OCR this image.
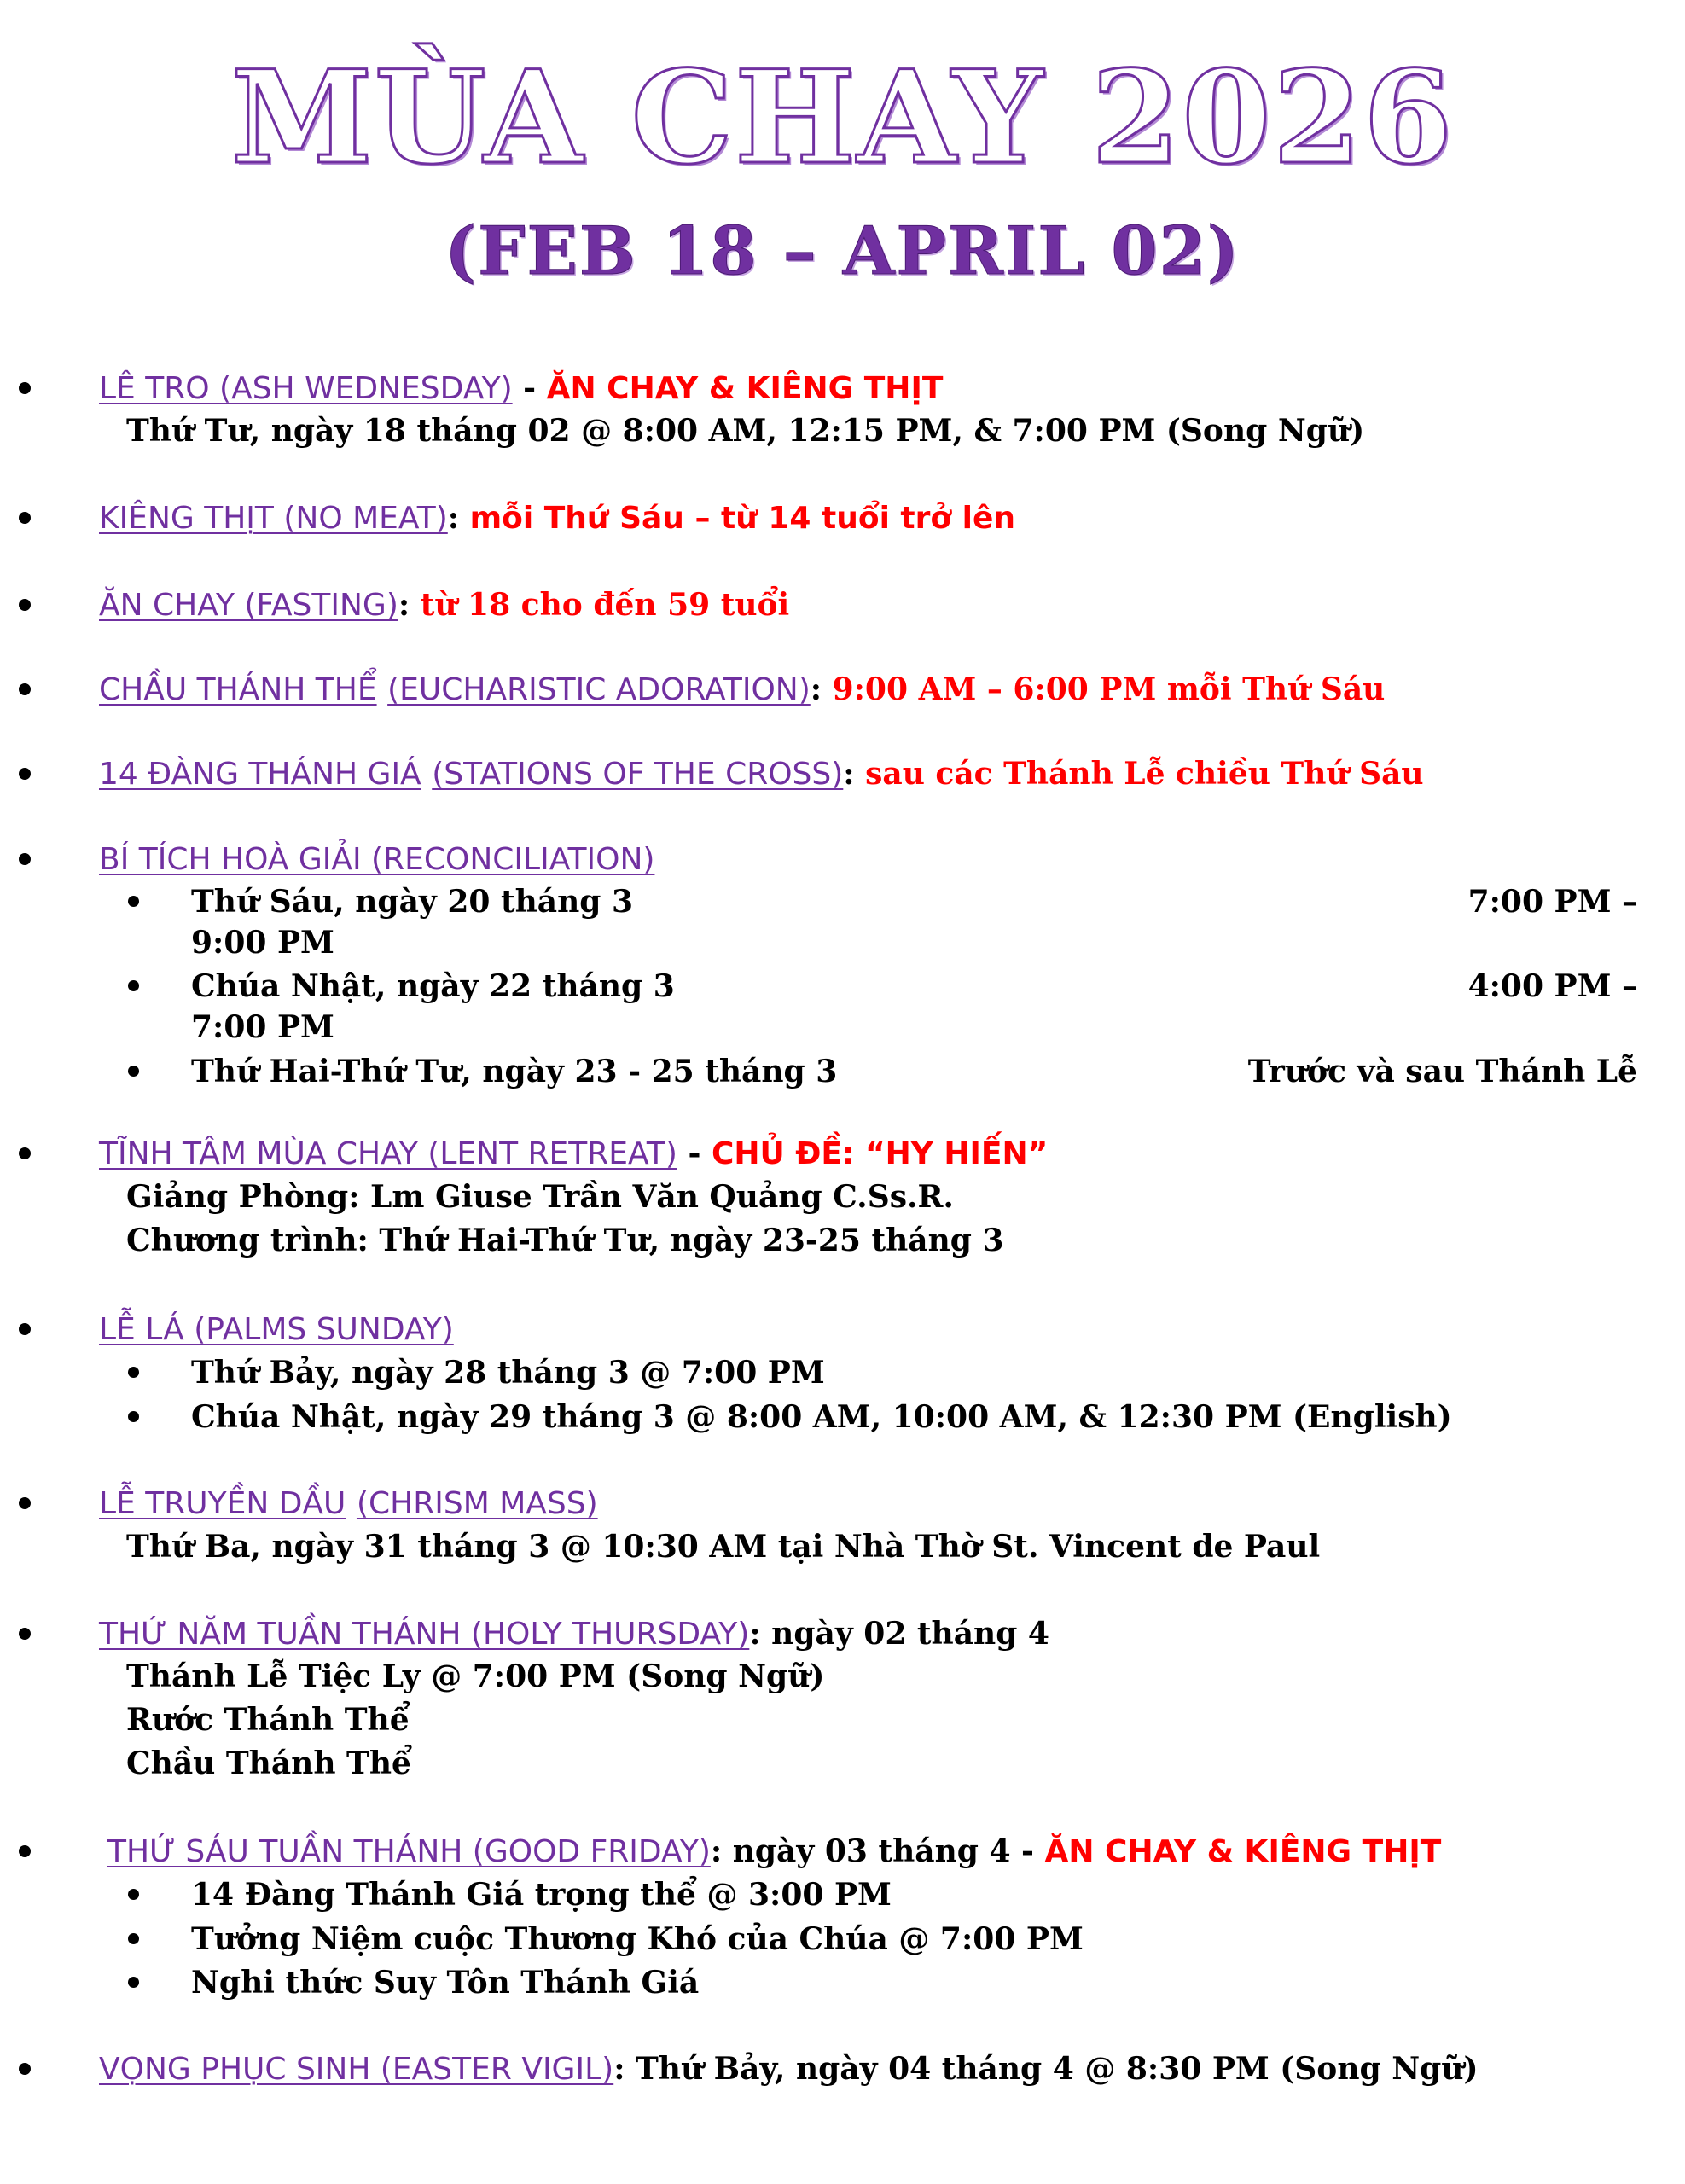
MÙA CHAY 2026
(FEB 18 – APRIL 02)
LÊ TRO (ASH WEDNESDAY) - ĂN CHAY & KIÊNG THỊT
Thứ Tư, ngày 18 tháng 02 @ 8:00 AM, 12:15 PM, & 7:00 PM (Song Ngữ)
KIÊNG THỊT (NO MEAT): mỗi Thứ Sáu – từ 14 tuổi trở lên
ĂN CHAY (FASTING): từ 18 cho đến 59 tuổi
CHẦU THÁNH THỂ (EUCHARISTIC ADORATION): 9:00 AM – 6:00 PM mỗi Thứ Sáu
14 ĐÀNG THÁNH GIÁ (STATIONS OF THE CROSS): sau các Thánh Lễ chiều Thứ Sáu
BÍ TÍCH HOÀ GIẢI (RECONCILIATION)
Thứ Sáu, ngày 20 tháng 3	7:00 PM –
9:00 PM
Chúa Nhật, ngày 22 tháng 3	4:00 PM –
7:00 PM
Thứ Hai-Thứ Tư, ngày 23 - 25 tháng 3	Trước và sau Thánh Lễ
TĨNH TÂM MÙA CHAY (LENT RETREAT) - CHỦ ĐỀ: “HY HIẾN”
Giảng Phòng: Lm Giuse Trần Văn Quảng C.Ss.R.
Chương trình: Thứ Hai-Thứ Tư, ngày 23-25 tháng 3
LỄ LÁ (PALMS SUNDAY)
Thứ Bảy, ngày 28 tháng 3 @ 7:00 PM
Chúa Nhật, ngày 29 tháng 3 @ 8:00 AM, 10:00 AM, & 12:30 PM (English)
LỄ TRUYỀN DẦU (CHRISM MASS)
Thứ Ba, ngày 31 tháng 3 @ 10:30 AM tại Nhà Thờ St. Vincent de Paul
THỨ NĂM TUẦN THÁNH (HOLY THURSDAY): ngày 02 tháng 4
Thánh Lễ Tiệc Ly @ 7:00 PM (Song Ngữ)
Rước Thánh Thể
Chầu Thánh Thể
THỨ SÁU TUẦN THÁNH (GOOD FRIDAY): ngày 03 tháng 4 - ĂN CHAY & KIÊNG THỊT
14 Đàng Thánh Giá trọng thể @ 3:00 PM
Tưởng Niệm cuộc Thương Khó của Chúa @ 7:00 PM
Nghi thức Suy Tôn Thánh Giá
VỌNG PHỤC SINH (EASTER VIGIL): Thứ Bảy, ngày 04 tháng 4 @ 8:30 PM (Song Ngữ)
